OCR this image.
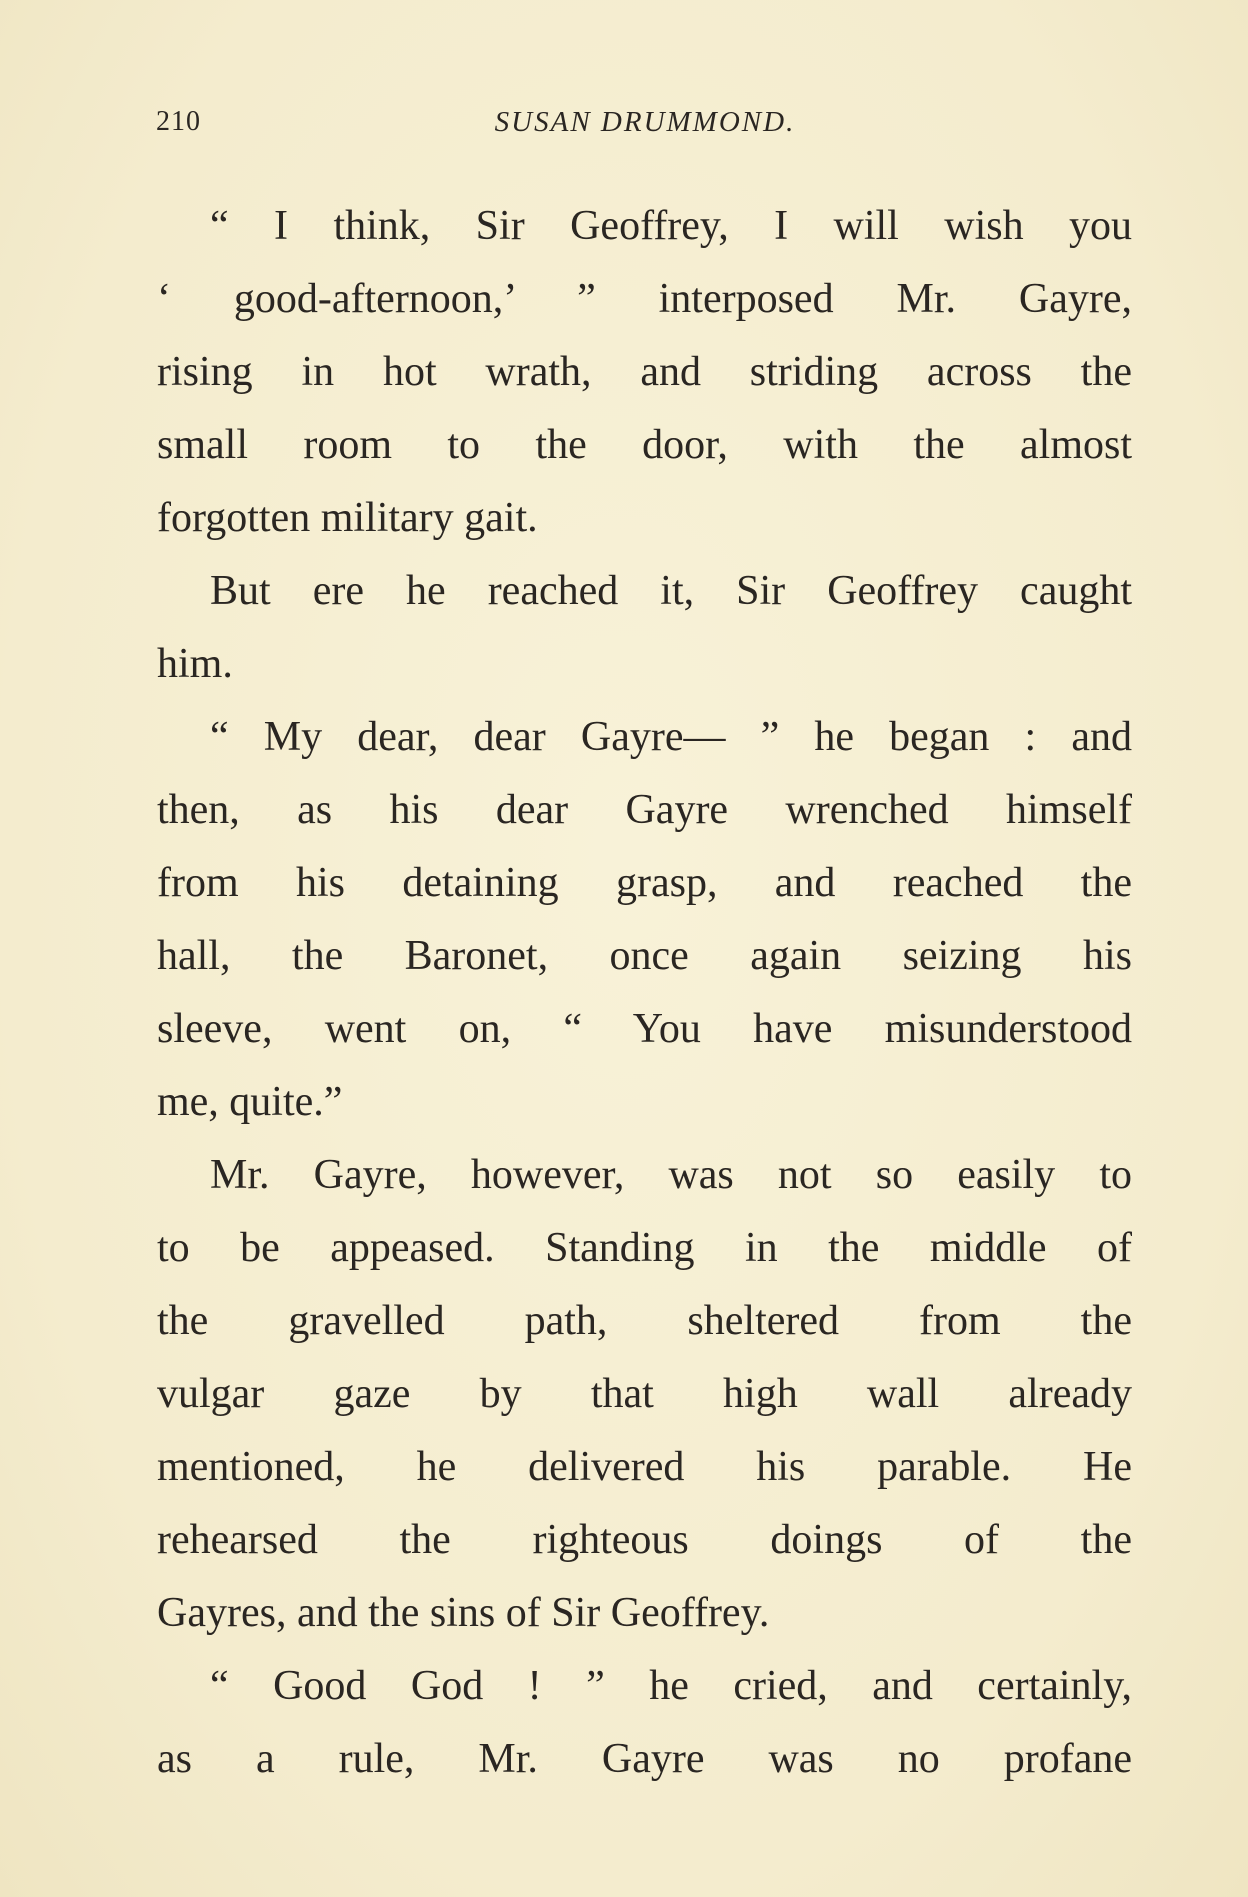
210	SUSAN DRUMMOND.
“ I think, Sir Geoffrey, I will wish you
‘ good-afternoon,’ ” interposed Mr. Gayre,
rising in hot wrath, and striding across the
small room to the door, with the almost
forgotten military gait.
But ere he reached it, Sir Geoffrey caught
him.
“ My dear, dear Gayre— ” he began : and
then, as his dear Gayre wrenched himself
from his detaining grasp, and reached the
hall, the Baronet, once again seizing his
sleeve, went on, “ You have misunderstood
me, quite.”
Mr. Gayre, however, was not so easily to
to be appeased. Standing in the middle of
the gravelled path, sheltered from the
vulgar gaze by that high wall already
mentioned, he delivered his parable. He
rehearsed the righteous doings of the
Gayres, and the sins of Sir Geoffrey.
“ Good God ! ” he cried, and certainly,
as a rule, Mr. Gayre was no profane
